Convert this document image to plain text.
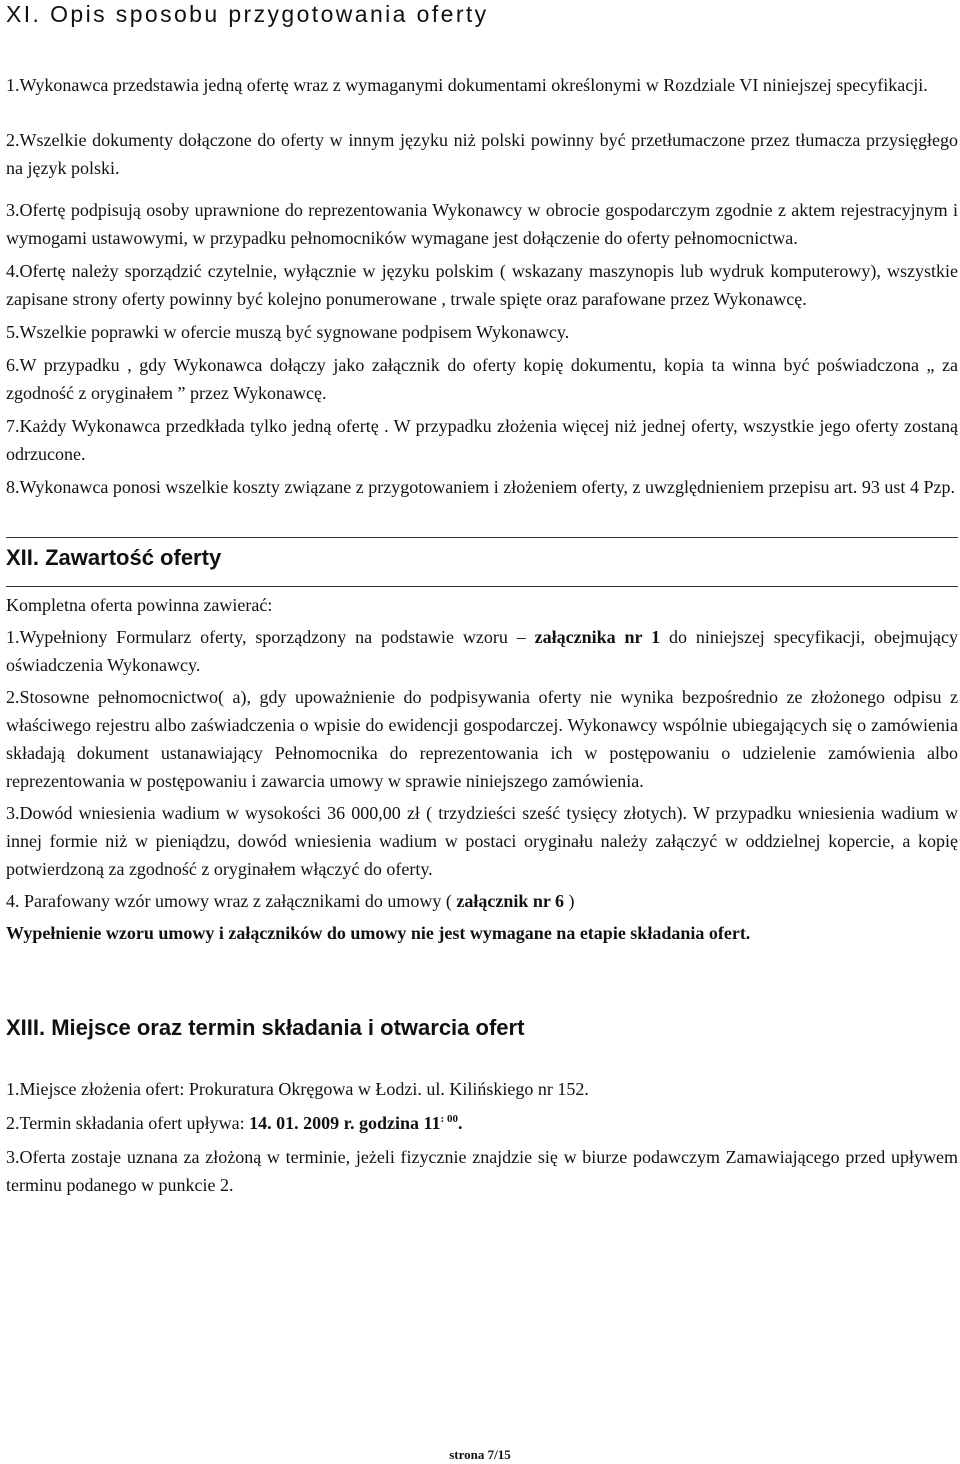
XI. Opis sposobu przygotowania oferty

1.Wykonawca przedstawia jedną ofertę wraz z wymaganymi dokumentami określonymi w Rozdziale VI niniejszej specyfikacji.

2.Wszelkie dokumenty dołączone do oferty w innym języku niż polski powinny być przetłumaczone przez tłumacza przysięgłego na język polski.

3.Ofertę podpisują osoby uprawnione do reprezentowania Wykonawcy w obrocie gospodarczym zgodnie z aktem rejestracyjnym i wymogami ustawowymi, w przypadku pełnomocników wymagane jest dołączenie do oferty pełnomocnictwa.

4.Ofertę należy sporządzić czytelnie, wyłącznie w języku polskim ( wskazany maszynopis lub wydruk komputerowy), wszystkie zapisane strony oferty powinny być kolejno ponumerowane , trwale spięte oraz parafowane przez Wykonawcę.

5.Wszelkie poprawki w ofercie muszą być sygnowane podpisem Wykonawcy.

6.W przypadku , gdy Wykonawca dołączy jako załącznik do oferty kopię dokumentu, kopia ta winna być poświadczona „ za zgodność z oryginałem ” przez Wykonawcę.

7.Każdy Wykonawca przedkłada tylko jedną ofertę . W przypadku złożenia więcej niż jednej oferty, wszystkie jego oferty zostaną odrzucone.

8.Wykonawca ponosi wszelkie koszty związane z przygotowaniem i złożeniem oferty, z uwzględnieniem przepisu art. 93 ust 4 Pzp.

XII. Zawartość oferty

Kompletna oferta powinna zawierać:

1.Wypełniony Formularz oferty, sporządzony na podstawie wzoru – załącznika nr 1 do niniejszej specyfikacji, obejmujący oświadczenia Wykonawcy.

2.Stosowne pełnomocnictwo( a), gdy upoważnienie do podpisywania oferty nie wynika bezpośrednio ze złożonego odpisu z właściwego rejestru albo zaświadczenia o wpisie do ewidencji gospodarczej. Wykonawcy wspólnie ubiegających się o zamówienia składają dokument ustanawiający Pełnomocnika do reprezentowania ich w postępowaniu o udzielenie zamówienia albo reprezentowania w postępowaniu i zawarcia umowy w sprawie niniejszego zamówienia.

3.Dowód wniesienia wadium w wysokości 36 000,00 zł ( trzydzieści sześć tysięcy złotych). W przypadku wniesienia wadium w innej formie niż w pieniądzu, dowód wniesienia wadium w postaci oryginału należy załączyć w oddzielnej kopercie, a kopię potwierdzoną za zgodność z oryginałem włączyć do oferty.

4. Parafowany wzór umowy wraz z załącznikami do umowy ( załącznik nr 6 )

Wypełnienie wzoru umowy i załączników do umowy nie jest wymagane na etapie składania ofert.

XIII. Miejsce oraz termin składania i otwarcia ofert

1.Miejsce złożenia ofert: Prokuratura Okręgowa w Łodzi. ul. Kilińskiego nr 152.

2.Termin składania ofert upływa: 14. 01. 2009 r. godzina $11^{: 00}$.

3.Oferta zostaje uznana za złożoną w terminie, jeżeli fizycznie znajdzie się w biurze podawczym Zamawiającego przed upływem terminu podanego w punkcie 2.

strona 7/15
